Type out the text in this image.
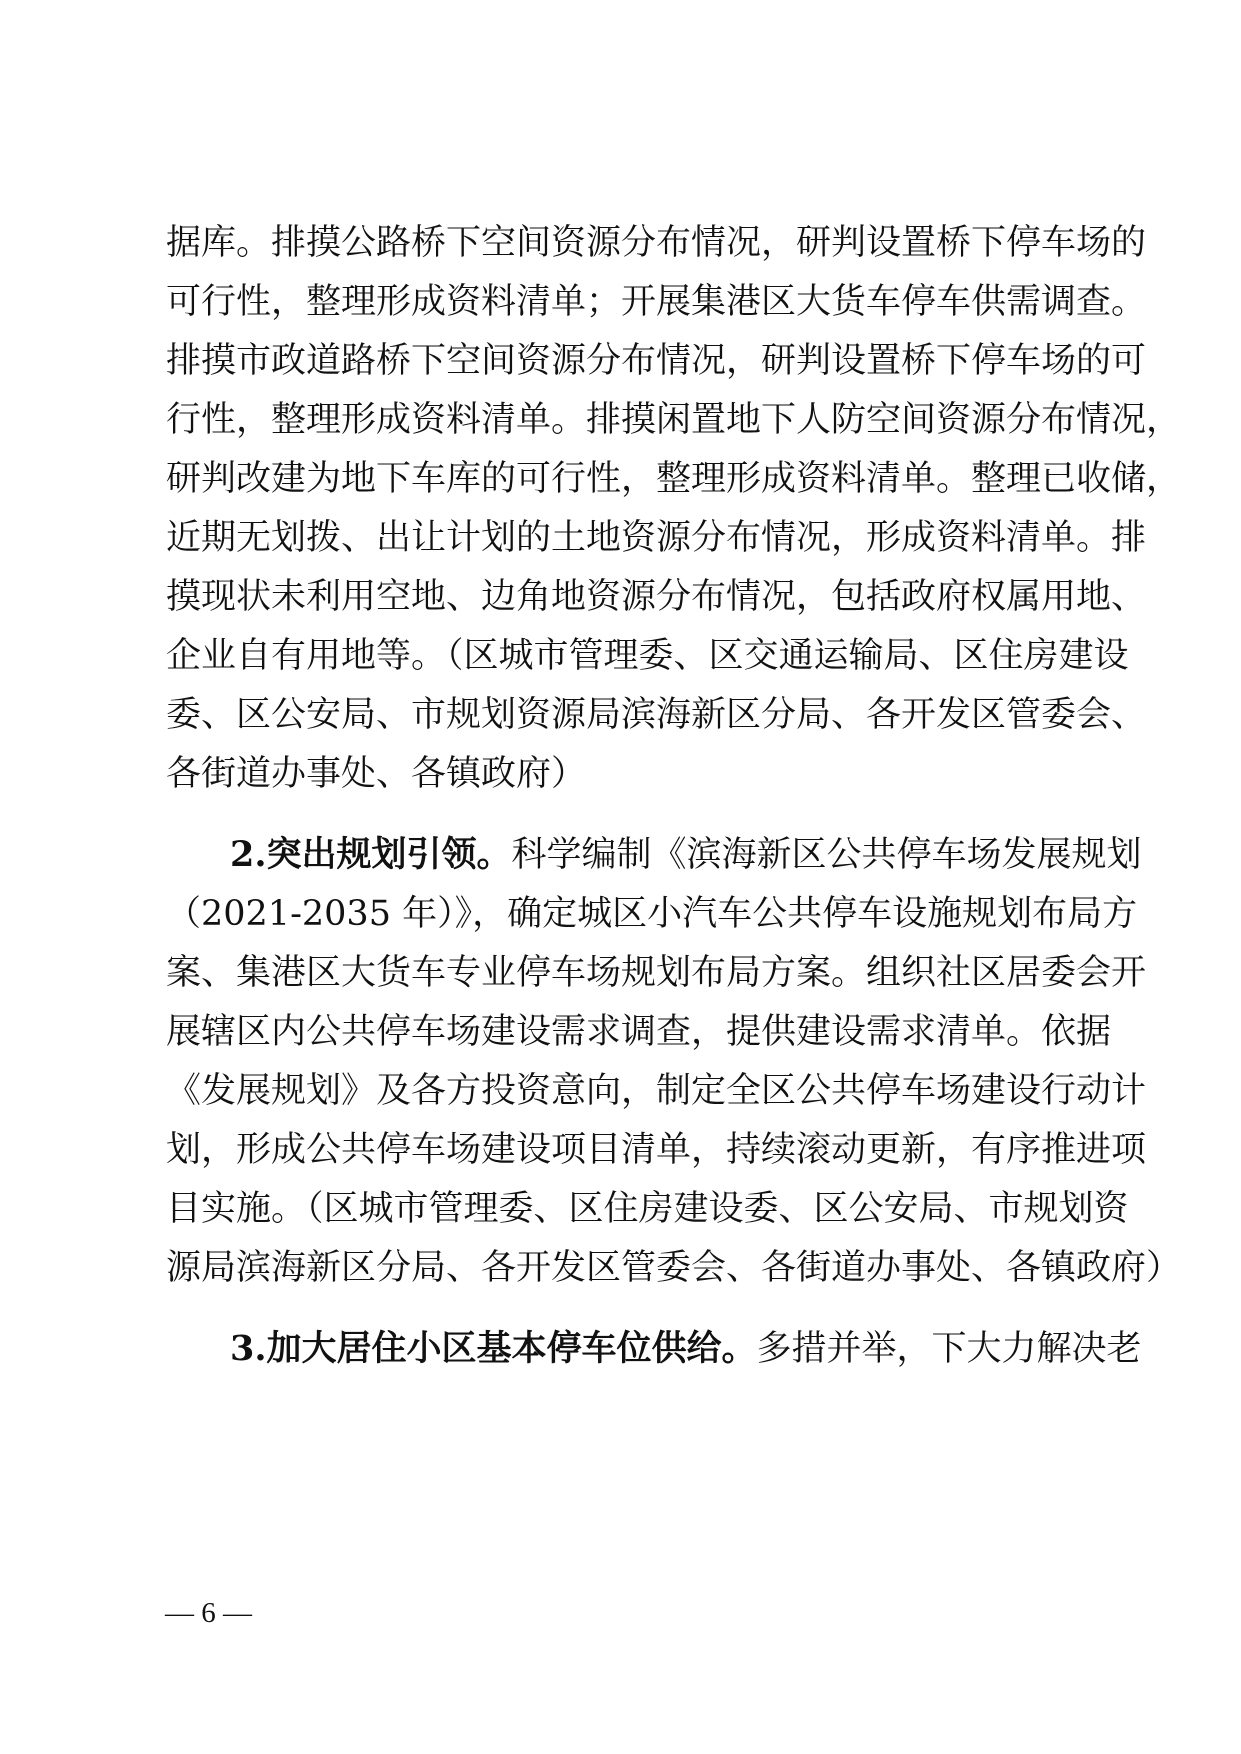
据库。排摸公路桥下空间资源分布情况，研判设置桥下停车场的
可行性，整理形成资料清单；开展集港区大货车停车供需调查。
排摸市政道路桥下空间资源分布情况，研判设置桥下停车场的可
行性，整理形成资料清单。排摸闲置地下人防空间资源分布情况，
研判改建为地下车库的可行性，整理形成资料清单。整理已收储，
近期无划拨、出让计划的土地资源分布情况，形成资料清单。排
摸现状未利用空地、边角地资源分布情况，包括政府权属用地、
企业自有用地等。（区城市管理委、区交通运输局、区住房建设
委、区公安局、市规划资源局滨海新区分局、各开发区管委会、
各街道办事处、各镇政府）
2.突出规划引领。科学编制《滨海新区公共停车场发展规划
（2021-2035 年）》，确定城区小汽车公共停车设施规划布局方
案、集港区大货车专业停车场规划布局方案。组织社区居委会开
展辖区内公共停车场建设需求调查，提供建设需求清单。依据
《发展规划》及各方投资意向，制定全区公共停车场建设行动计
划，形成公共停车场建设项目清单，持续滚动更新，有序推进项
目实施。（区城市管理委、区住房建设委、区公安局、市规划资
源局滨海新区分局、各开发区管委会、各街道办事处、各镇政府）
3.加大居住小区基本停车位供给。多措并举，下大力解决老
— 6 —
